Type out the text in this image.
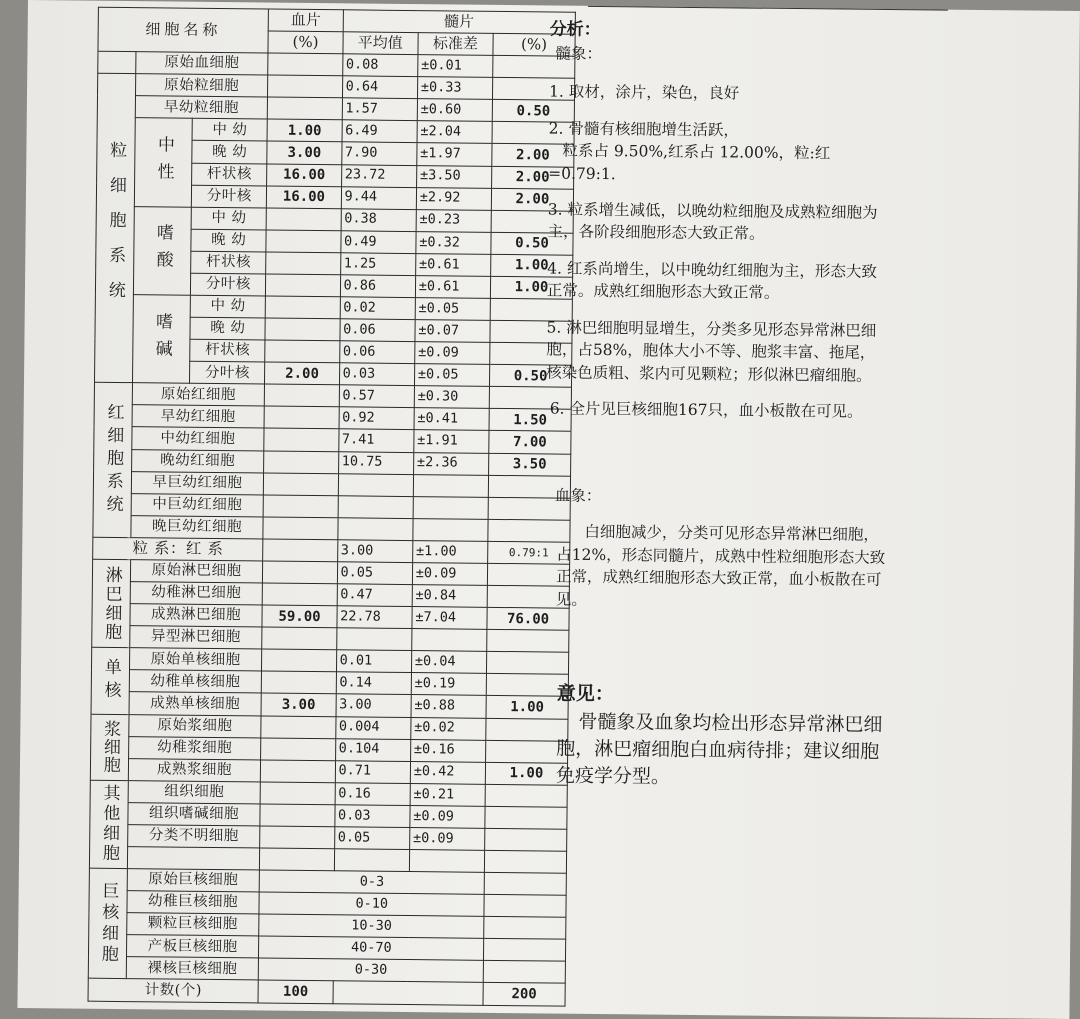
细胞名称			血片	髓片		
			(%)	平均值	标准差	(%)
	原始血细胞			0.08	±0.01	
粒细胞系统	原始粒细胞			0.64	±0.33	
	早幼粒细胞			1.57	±0.60	0.50
	中性	中 幼	1.00	6.49	±2.04	
		晚 幼	3.00	7.90	±1.97	2.00
		杆状核	16.00	23.72	±3.50	2.00
		分叶核	16.00	9.44	±2.92	2.00
	嗜酸	中 幼		0.38	±0.23	
		晚 幼		0.49	±0.32	0.50
		杆状核		1.25	±0.61	1.00
		分叶核		0.86	±0.61	1.00
	嗜碱	中 幼		0.02	±0.05	
		晚 幼		0.06	±0.07	
		杆状核		0.06	±0.09	
		分叶核	2.00	0.03	±0.05	0.50
红细胞系统	原始红细胞			0.57	±0.30	
	早幼红细胞			0.92	±0.41	1.50
	中幼红细胞			7.41	±1.91	7.00
	晚幼红细胞			10.75	±2.36	3.50
	早巨幼红细胞					
	中巨幼红细胞					
	晚巨幼红细胞					
粒 系：红 系				3.00	±1.00	0.79:1
淋巴细胞	原始淋巴细胞			0.05	±0.09	
	幼稚淋巴细胞			0.47	±0.84	
	成熟淋巴细胞		59.00	22.78	±7.04	76.00
	异型淋巴细胞					
单核	原始单核细胞			0.01	±0.04	
	幼稚单核细胞			0.14	±0.19	
	成熟单核细胞		3.00	3.00	±0.88	1.00
浆细胞	原始浆细胞			0.004	±0.02	
	幼稚浆细胞			0.104	±0.16	
	成熟浆细胞			0.71	±0.42	1.00
其他细胞	组织细胞			0.16	±0.21	
	组织嗜碱细胞			0.03	±0.09	
	分类不明细胞			0.05	±0.09	

巨核细胞	原始巨核细胞		0-3			
	幼稚巨核细胞		0-10			
	颗粒巨核细胞		10-30			
	产板巨核细胞		40-70			
	裸核巨核细胞		0-30			
计数(个)			100			200

分析：

髓象：

1. 取材，涂片，染色，良好

2. 骨髓有核细胞增生活跃，

粒系占 9.50%,红系占 12.00%，粒:红

=0.79:1.

3. 粒系增生减低，以晚幼粒细胞及成熟粒细胞为

主，各阶段细胞形态大致正常。

4. 红系尚增生，以中晚幼红细胞为主，形态大致

正常。成熟红细胞形态大致正常。

5. 淋巴细胞明显增生，分类多见形态异常淋巴细

胞，占58%，胞体大小不等、胞浆丰富、拖尾，

核染色质粗、浆内可见颗粒；形似淋巴瘤细胞。

6. 全片见巨核细胞167只，血小板散在可见。

血象：

白细胞减少，分类可见形态异常淋巴细胞，

占12%，形态同髓片，成熟中性粒细胞形态大致

正常，成熟红细胞形态大致正常，血小板散在可

见。

意见：

骨髓象及血象均检出形态异常淋巴细

胞，淋巴瘤细胞白血病待排；建议细胞

免疫学分型。
